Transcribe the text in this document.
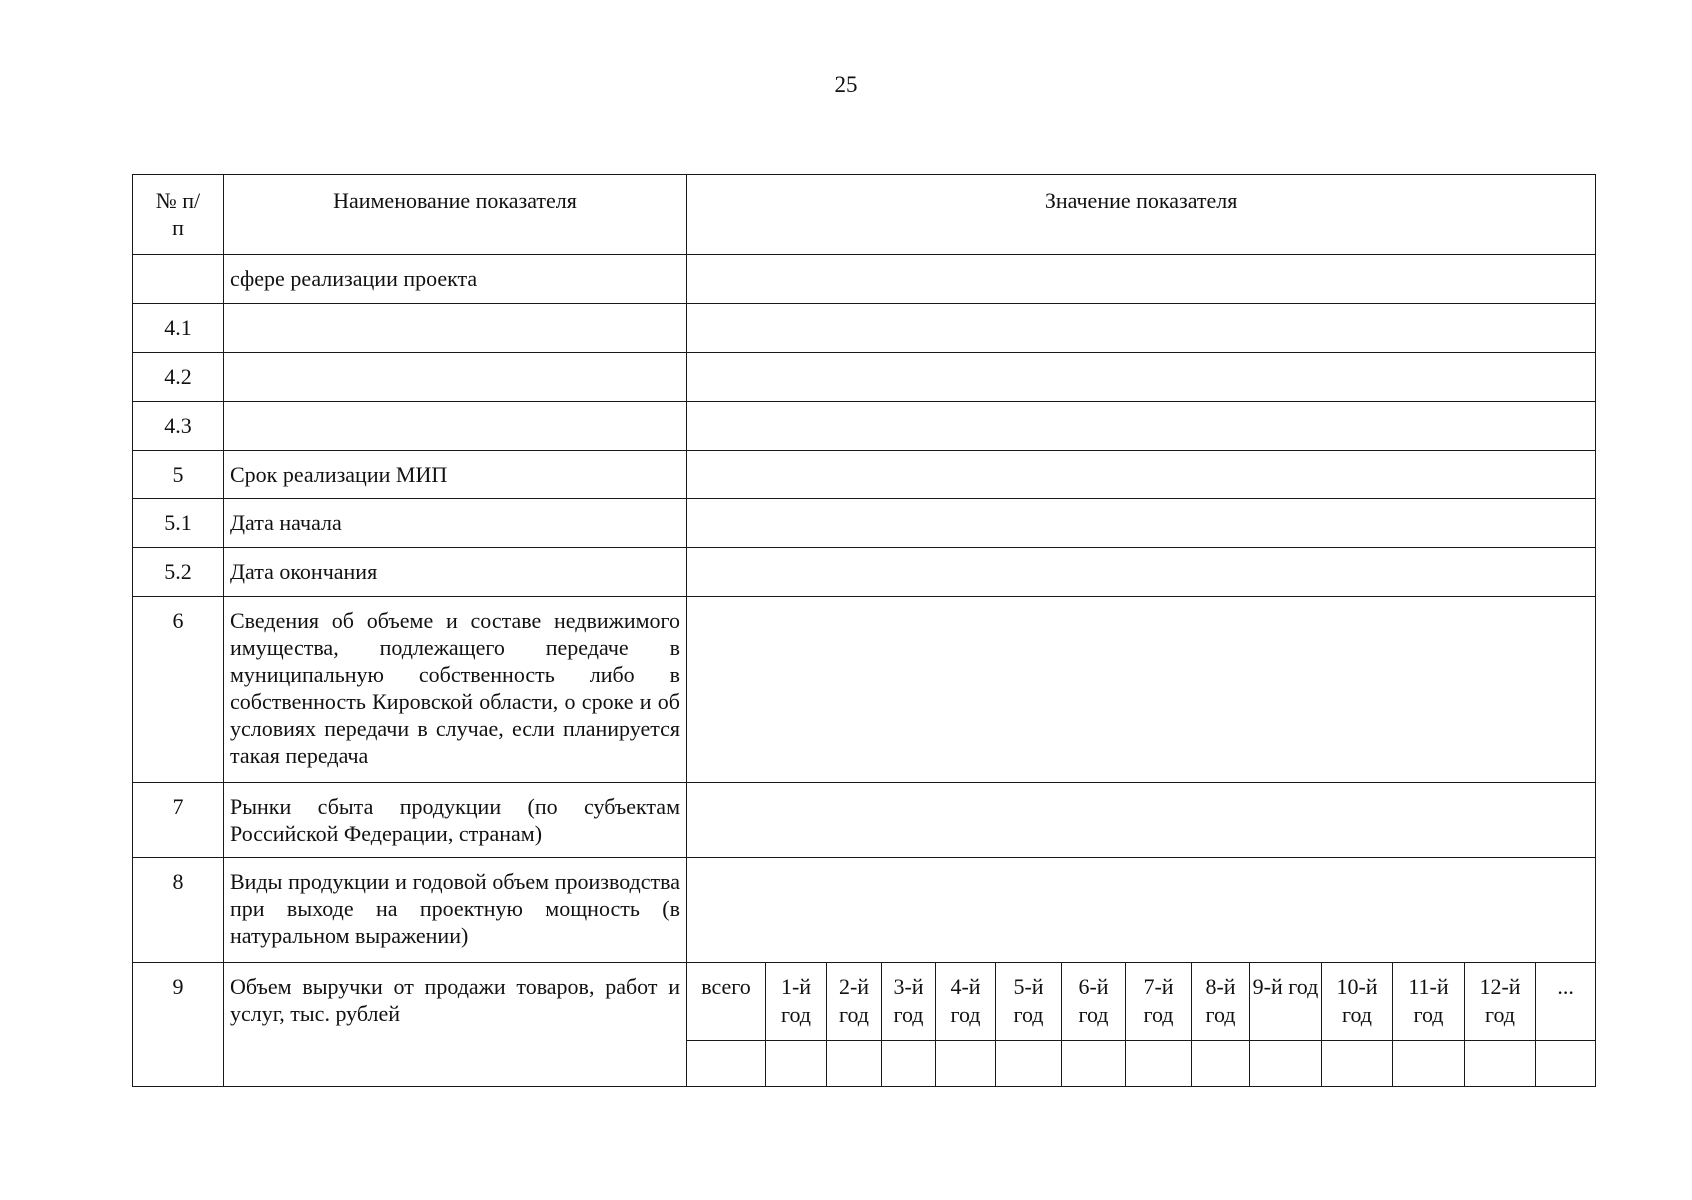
25
№ п/п	Наименование показателя	Значение показателя													
	сфере реализации проекта														
4.1															
4.2															
4.3															
5	Срок реализации МИП														
5.1	Дата начала														
5.2	Дата окончания														
6	Сведения об объеме и составе недвижимого имущества, подлежащего передаче в муниципальную собственность либо в собственность Кировской области, о сроке и об условиях передачи в случае, если планируется такая передача														
7	Рынки сбыта продукции (по субъектам Российской Федерации, странам)														
8	Виды продукции и годовой объем производства при выходе на проектную мощность (в натуральном выражении)														
9	Объем выручки от продажи товаров, работ и услуг, тыс. рублей	всего	1-й год	2-й год	3-й год	4-й год	5-й год	6-й год	7-й год	8-й год	9-й год	10-й год	11-й год	12-й год	...
